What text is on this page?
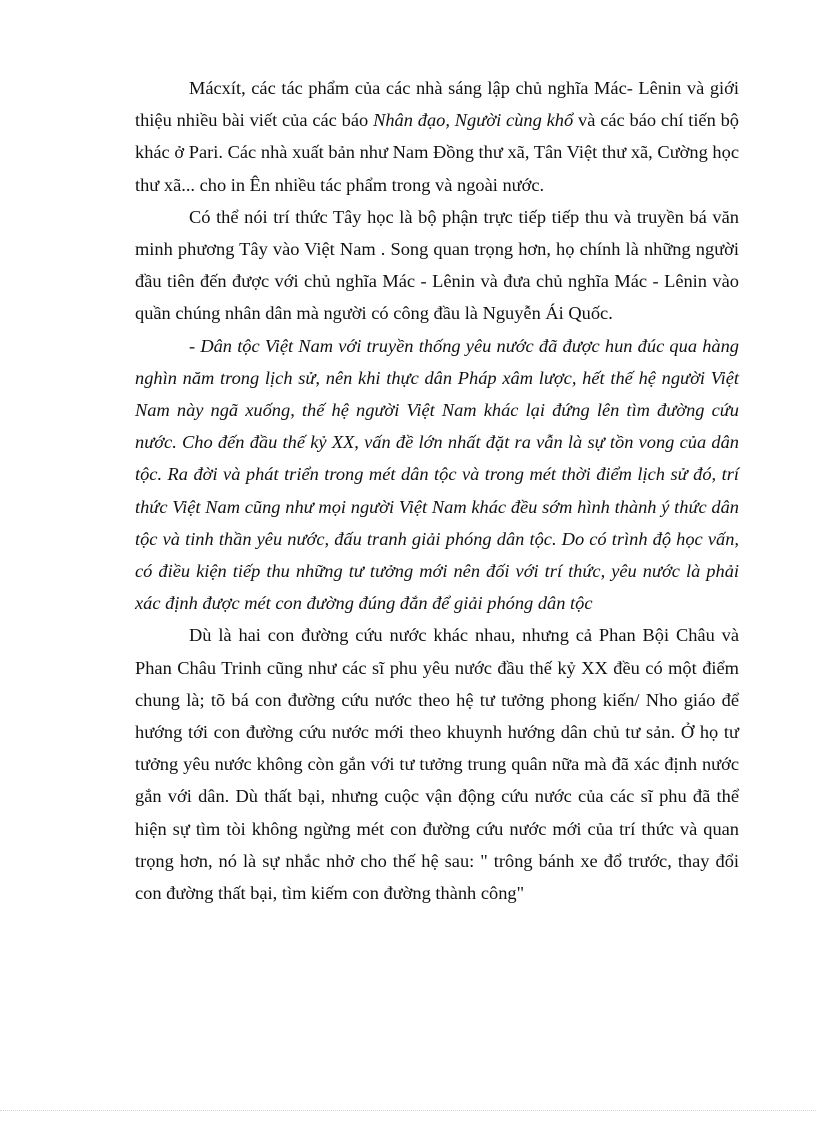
Mácxít, các tác phẩm của các nhà sáng lập chủ nghĩa Mác- Lênin và giới thiệu nhiều bài viết của các báo Nhân đạo, Người cùng khổ và các báo chí tiến bộ khác ở Pari. Các nhà xuất bản như Nam Đồng thư xã, Tân Việt thư xã, Cường học thư xã... cho in Ên nhiều tác phẩm trong và ngoài nước.

Có thể nói trí thức Tây học là bộ phận trực tiếp tiếp thu và truyền bá văn minh phương Tây vào Việt Nam . Song quan trọng hơn, họ chính là những người đầu tiên đến được với chủ nghĩa Mác - Lênin và đưa chủ nghĩa Mác - Lênin vào quần chúng nhân dân mà người có công đầu là Nguyễn Ái Quốc.

- Dân tộc Việt Nam với truyền thống yêu nước đã được hun đúc qua hàng nghìn năm trong lịch sử, nên khi thực dân Pháp xâm lược, hết thế hệ người Việt Nam này ngã xuống, thế hệ người Việt Nam khác lại đứng lên tìm đường cứu nước. Cho đến đầu thế kỷ XX, vấn đề lớn nhất đặt ra vẫn là sự tồn vong của dân tộc. Ra đời và phát triển trong mét dân tộc và trong mét thời điểm lịch sử đó, trí thức Việt Nam cũng như mọi người Việt Nam khác đều sớm hình thành ý thức dân tộc và tinh thần yêu nước, đấu tranh giải phóng dân tộc. Do có trình độ học vấn, có điều kiện tiếp thu những tư tưởng mới nên đối với trí thức, yêu nước là phải xác định được mét con đường đúng đắn để giải phóng dân tộc

Dù là hai con đường cứu nước khác nhau, nhưng cả Phan Bội Châu và Phan Châu Trinh cũng như các sĩ phu yêu nước đầu thế kỷ XX đều có một điểm chung là; tõ bá con đường cứu nước theo hệ tư tưởng phong kiến/ Nho giáo để hướng tới con đường cứu nước mới theo khuynh hướng dân chủ tư sản. Ở họ tư tưởng yêu nước không còn gắn với tư tưởng trung quân nữa mà đã xác định nước gắn với dân. Dù thất bại, nhưng cuộc vận động cứu nước của các sĩ phu đã thể hiện sự tìm tòi không ngừng mét con đường cứu nước mới của trí thức và quan trọng hơn, nó là sự nhắc nhở cho thế hệ sau: " trông bánh xe đổ trước, thay đổi con đường thất bại, tìm kiếm con đường thành công"
